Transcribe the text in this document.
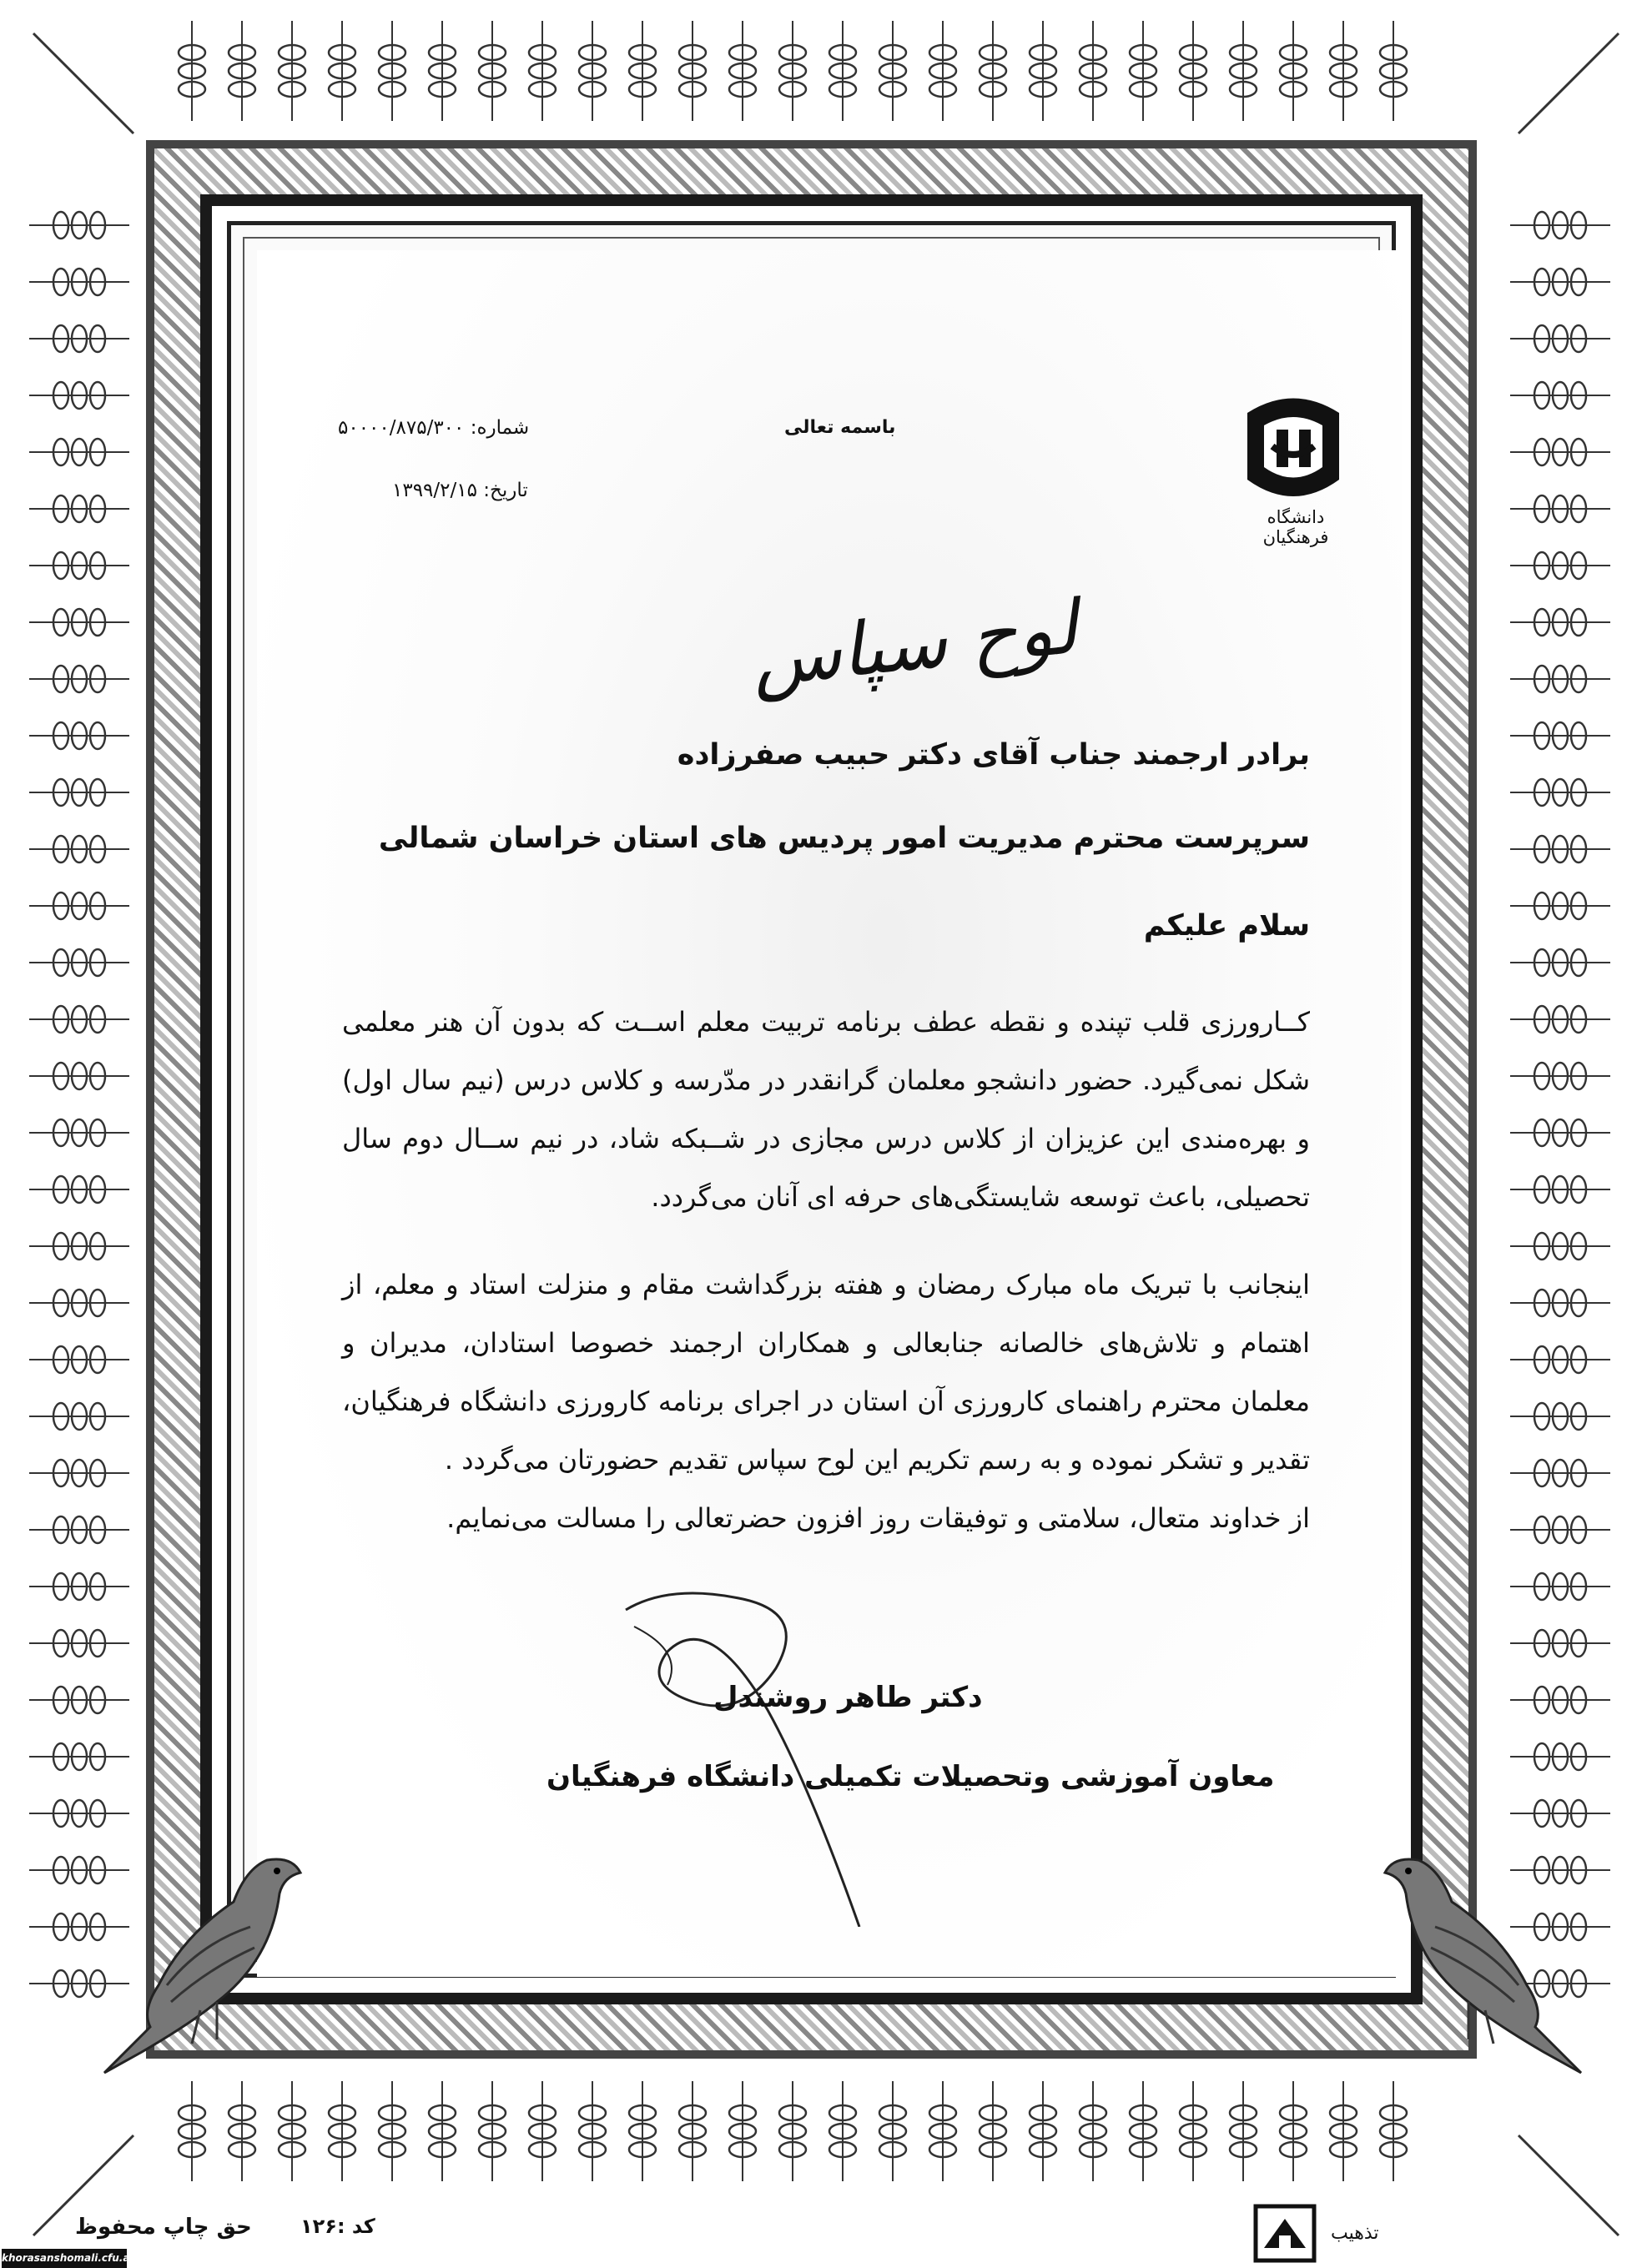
دانشگاه فرهنگیان
باسمه تعالی
شماره: ۵۰۰۰۰/۸۷۵/۳۰۰
تاریخ: ۱۳۹۹/۲/۱۵
لوح سپاس
برادر ارجمند جناب آقای دکتر حبیب صفرزاده
سرپرست محترم مدیریت امور پردیس های استان خراسان شمالی
سلام علیکم
کــارورزی قلب تپنده و نقطه عطف برنامه تربیت معلم اســت که بدون آن هنر معلمی
شکل نمی‌گیرد. حضور دانشجو معلمان گرانقدر در مدّرسه و کلاس درس (نیم سال اول)
و بهره‌مندی این عزیزان از کلاس درس مجازی در شــبکه شاد، در نیم ســال دوم سال
تحصیلی، باعث توسعه شایستگی‌های حرفه ای آنان می‌گردد.
اینجانب با تبریک ماه مبارک رمضان و هفته بزرگداشت مقام و منزلت استاد و معلم، از
اهتمام و تلاش‌های خالصانه جنابعالی و همکاران ارجمند خصوصا استادان، مدیران و
معلمان محترم راهنمای کارورزی آن استان در اجرای برنامه کارورزی دانشگاه فرهنگیان،
تقدیر و تشکر نموده و به رسم تکریم این لوح سپاس تقدیم حضورتان می‌گردد .
از خداوند متعال، سلامتی و توفیقات روز افزون حضرتعالی را مسالت می‌نمایم.
دکتر طاهر روشندل
معاون آموزشی وتحصیلات تکمیلی دانشگاه فرهنگیان
حق چاپ محفوظ کد :۱۲۶	تذهیب
khorasanshomali.cfu.ac.ir
